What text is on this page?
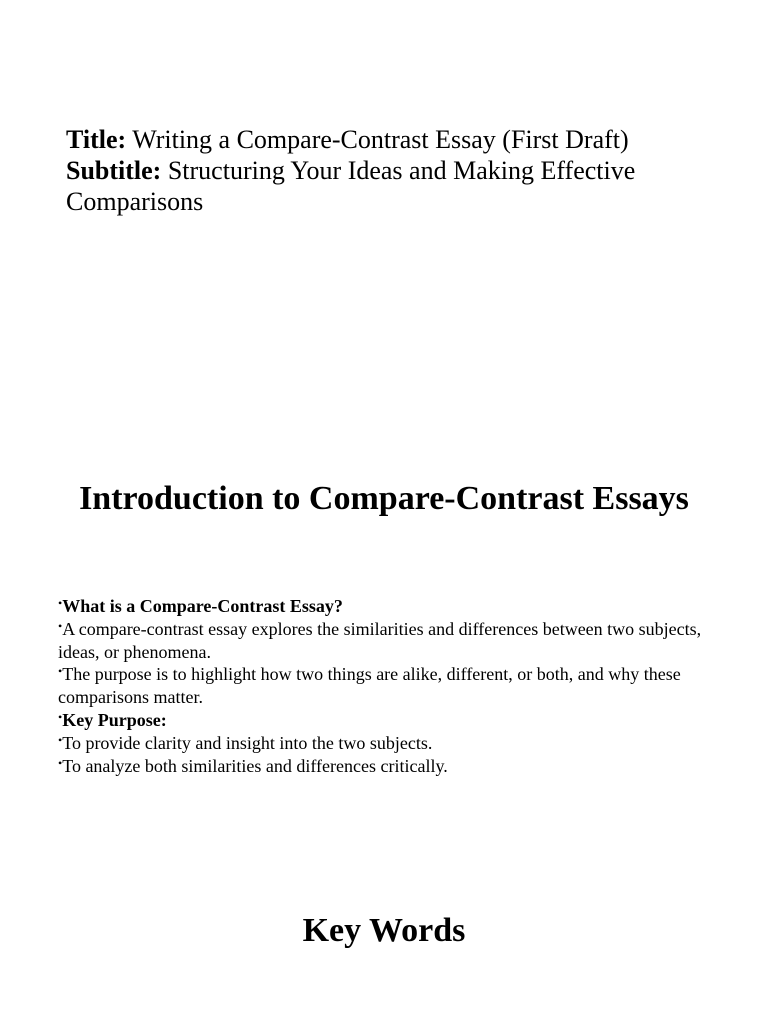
Title: Writing a Compare-Contrast Essay (First Draft)
Subtitle: Structuring Your Ideas and Making Effective Comparisons
Introduction to Compare-Contrast Essays
•What is a Compare-Contrast Essay?
•A compare-contrast essay explores the similarities and differences between two subjects, ideas, or phenomena.
•The purpose is to highlight how two things are alike, different, or both, and why these comparisons matter.
•Key Purpose:
•To provide clarity and insight into the two subjects.
•To analyze both similarities and differences critically.
Key Words
